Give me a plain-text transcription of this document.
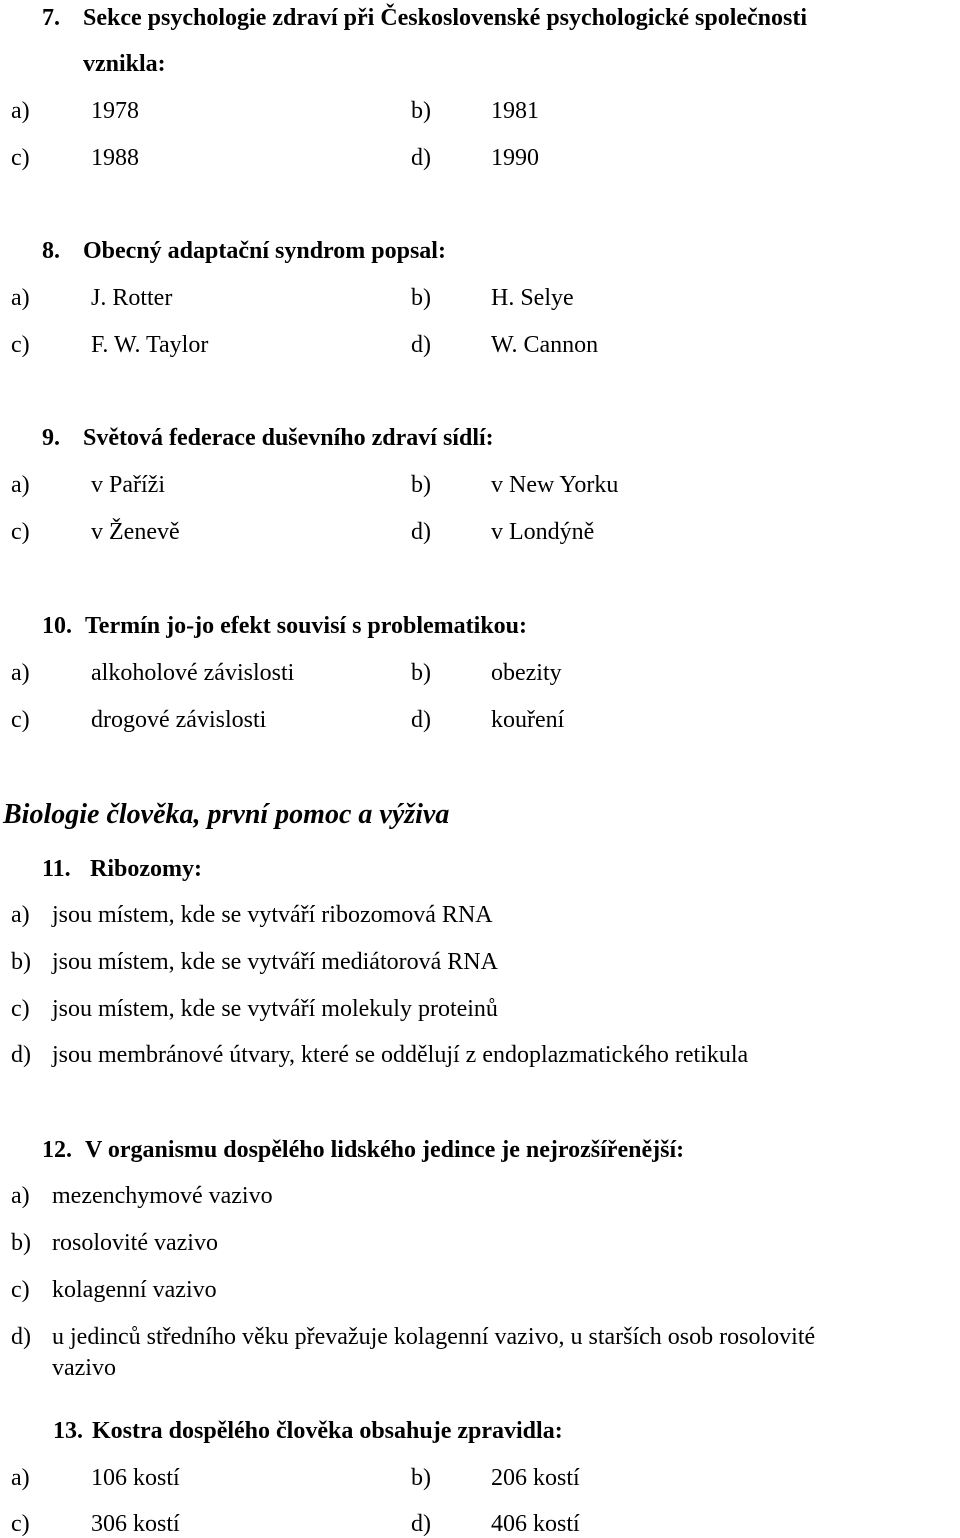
7. Sekce psychologie zdraví při Československé psychologické společnosti
vznikla:
a)	1978	b)	1981
c)	1988	d)	1990
8. Obecný adaptační syndrom popsal:
a)	J. Rotter	b)	H. Selye
c)	F. W. Taylor	d)	W. Cannon
9. Světová federace duševního zdraví sídlí:
a)	v Paříži	b)	v New Yorku
c)	v Ženevě	d)	v Londýně
10. Termín jo-jo efekt souvisí s problematikou:
a)	alkoholové závislosti	b)	obezity
c)	drogové závislosti	d)	kouření
Biologie člověka, první pomoc a výživa
11. Ribozomy:
a) jsou místem, kde se vytváří ribozomová RNA
b) jsou místem, kde se vytváří mediátorová RNA
c) jsou místem, kde se vytváří molekuly proteinů
d) jsou membránové útvary, které se oddělují z endoplazmatického retikula
12. V organismu dospělého lidského jedince je nejrozšířenější:
a) mezenchymové vazivo
b) rosolovité vazivo
c) kolagenní vazivo
d) u jedinců středního věku převažuje kolagenní vazivo, u starších osob rosolovité
vazivo
13. Kostra dospělého člověka obsahuje zpravidla:
a)	106 kostí	b)	206 kostí
c)	306 kostí	d)	406 kostí
